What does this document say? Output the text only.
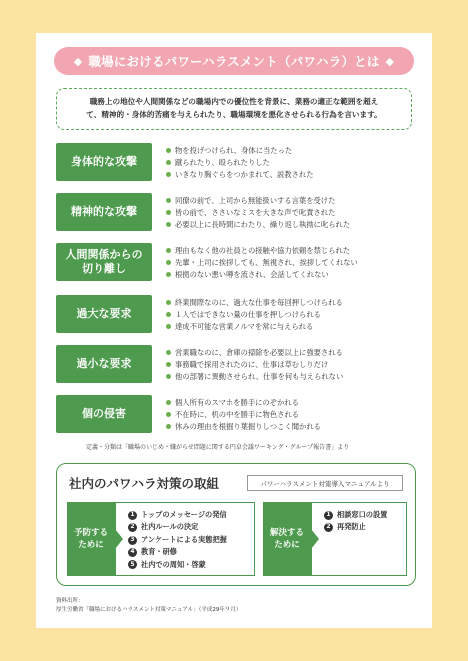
◆ 職場におけるパワーハラスメント（パワハラ）とは ◆
職務上の地位や人間関係などの職場内での優位性を背景に、業務の適正な範囲を超え
て、精神的・身体的苦痛を与えられたり、職場環境を悪化させられる行為を言います。
身体的な攻撃
物を投げつけられ、身体に当たった
蹴られたり、殴られたりした
いきなり胸ぐらをつかまれて、説教された
精神的な攻撃
同僚の前で、上司から無能扱いする言葉を受けた
皆の前で、ささいなミスを大きな声で叱責された
必要以上に長時間にわたり、繰り返し執拗に叱られた
人間関係からの
切り離し
理由もなく他の社員との接触や協力依頼を禁じられた
先輩・上司に挨拶しても、無視され、挨拶してくれない
根拠のない悪い噂を流され、会話してくれない
過大な要求
終業間際なのに、過大な仕事を毎回押しつけられる
１人ではできない量の仕事を押しつけられる
達成不可能な営業ノルマを常に与えられる
過小な要求
営業職なのに、倉庫の掃除を必要以上に強要される
事務職で採用されたのに、仕事は草むしりだけ
他の部署に異動させられ、仕事を何も与えられない
個の侵害
個人所有のスマホを勝手にのぞかれる
不在時に、机の中を勝手に物色される
休みの理由を根掘り葉掘りしつこく聞かれる
定義・分類は「職場のいじめ・嫌がらせ問題に関する円卓会議ワーキング・グループ報告書」より
社内のパワハラ対策の取組	パワーハラスメント対策導入マニュアルより
予防する
ために
1 トップのメッセージの発信
2 社内ルールの決定
3 アンケートによる実態把握
4 教育・研修
5 社内での周知・啓蒙
解決する
ために
1 相談窓口の設置
2 再発防止
資料出所：
厚生労働省「職場におけるハラスメント対策マニュアル」（平成29年９月）
北海道立女性プラザ
